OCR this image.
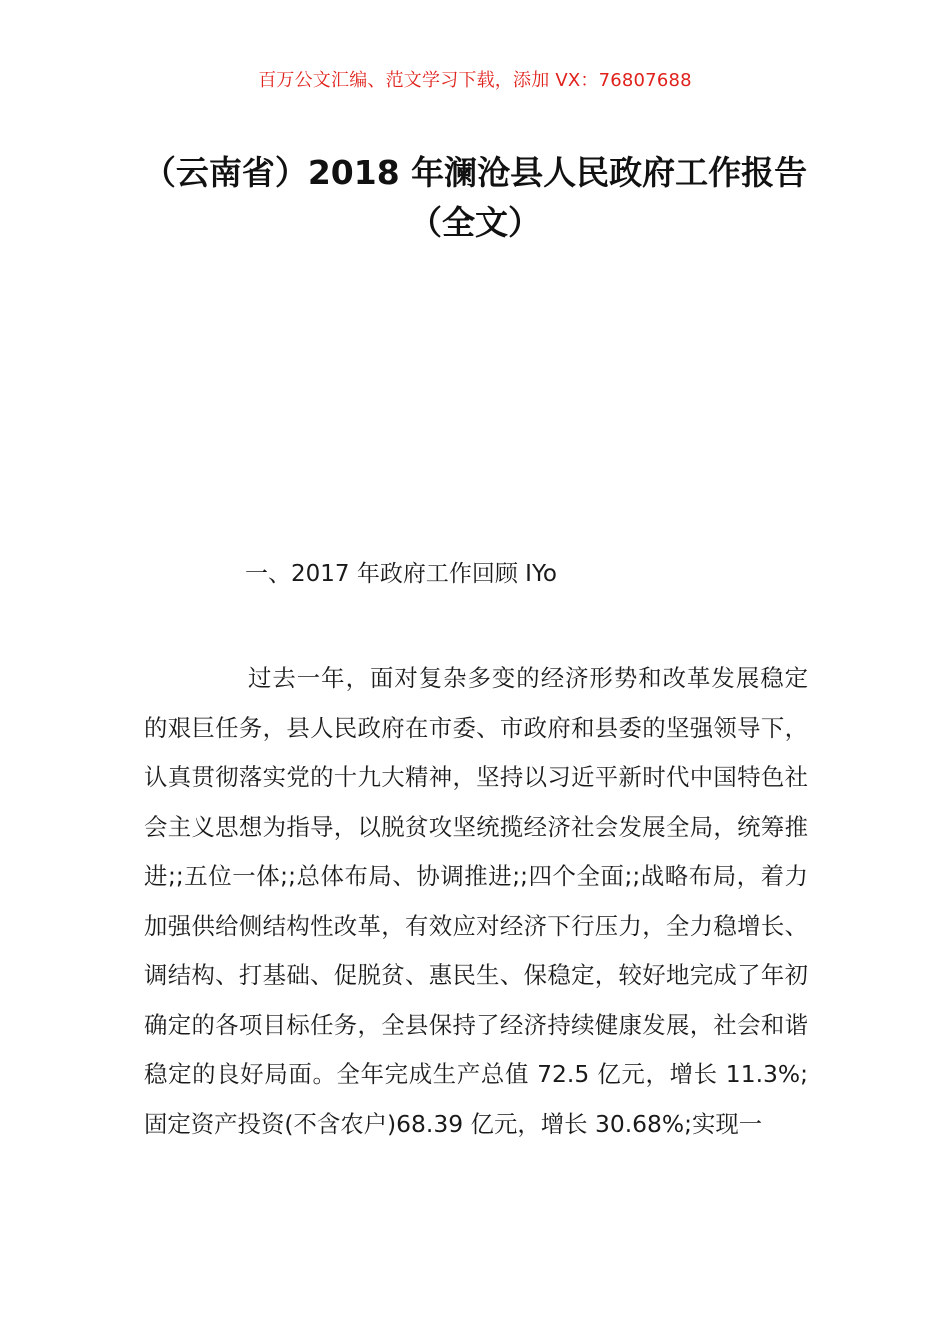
百万公文汇编、范文学习下载，添加 VX：76807688
（云南省）2018 年澜沧县人民政府工作报告（全文）
一、2017 年政府工作回顾 IYo
过去一年，面对复杂多变的经济形势和改革发展稳定的艰巨任务，县人民政府在市委、市政府和县委的坚强领导下，认真贯彻落实党的十九大精神，坚持以习近平新时代中国特色社会主义思想为指导，以脱贫攻坚统揽经济社会发展全局，统筹推进;;五位一体;;总体布局、协调推进;;四个全面;;战略布局，着力加强供给侧结构性改革，有效应对经济下行压力，全力稳增长、调结构、打基础、促脱贫、惠民生、保稳定，较好地完成了年初确定的各项目标任务，全县保持了经济持续健康发展，社会和谐稳定的良好局面。全年完成生产总值 72.5 亿元，增长 11.3%;固定资产投资(不含农户)68.39 亿元，增长 30.68%;实现一
